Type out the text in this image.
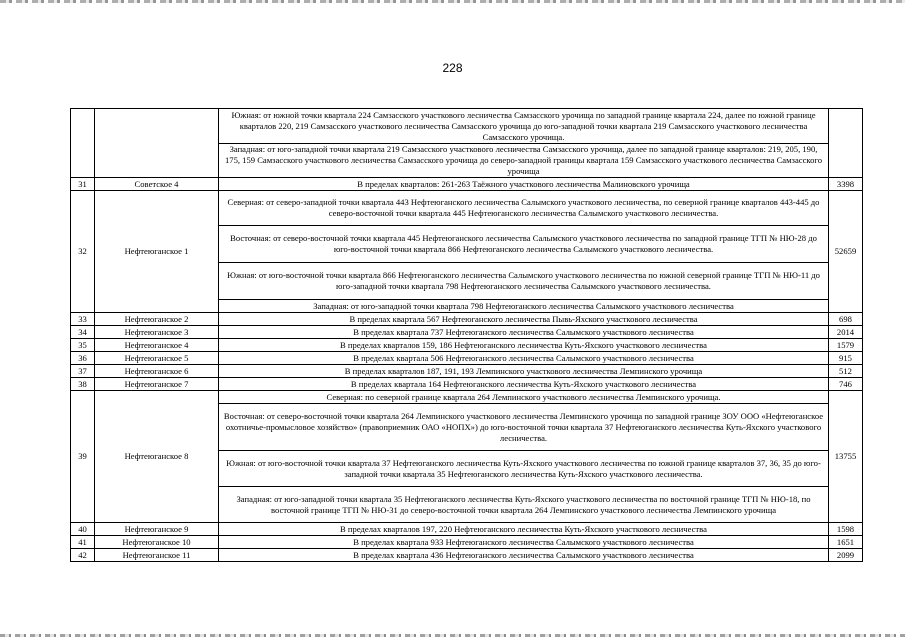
228
		Южная: от южной точки квартала 224 Самзасского участкового лесничества Самзасского урочища по западной границе квартала 224, далее по южной границе кварталов 220, 219 Самзасского участкового лесничества Самзасского урочища до юго-западной точки квартала 219 Самзасского участкового лесничества Самзасского урочища.	
		Западная: от юго-западной точки квартала 219 Самзасского участкового лесничества Самзасского урочища, далее по западной границе кварталов: 219, 205, 190, 175, 159 Самзасского участкового лесничества Самзасского урочища до северо-западной границы квартала 159 Самзасского участкового лесничества Самзасского урочища	
31	Советское 4	В пределах кварталов: 261-263 Таёжного участкового лесничества Малиновского урочища	3398
32	Нефтеюганское 1	Северная: от северо-западной точки квартала 443 Нефтеюганского лесничества Салымского участкового лесничества, по северной границе кварталов 443-445 до северо-восточной точки квартала 445 Нефтеюганского лесничества Салымского участкового лесничества.	52659
		Восточная: от северо-восточной точки квартала 445 Нефтеюганского лесничества Салымского участкового лесничества по западной границе ТГП № НЮ-28 до юго-восточной точки квартала 866 Нефтеюганского лесничества Салымского участкового лесничества.	
		Южная: от юго-восточной точки квартала 866 Нефтеюганского лесничества Салымского участкового лесничества по южной северной границе ТГП № НЮ-11 до юго-западной точки квартала 798 Нефтеюганского лесничества Салымского участкового лесничества.	
		Западная: от юго-западной точки квартала 798 Нефтеюганского лесничества Салымского участкового лесничества	
33	Нефтеюганское 2	В пределах квартала 567 Нефтеюганского лесничества Пывь-Яхского участкового лесничества	698
34	Нефтеюганское 3	В пределах квартала 737 Нефтеюганского лесничества Салымского участкового лесничества	2014
35	Нефтеюганское 4	В пределах кварталов 159, 186 Нефтеюганского лесничества Куть-Яхского участкового лесничества	1579
36	Нефтеюганское 5	В пределах квартала 506 Нефтеюганского лесничества Салымского участкового лесничества	915
37	Нефтеюганское 6	В пределах кварталов 187, 191, 193 Лемпинского участкового лесничества Лемпинского урочища	512
38	Нефтеюганское 7	В пределах квартала 164 Нефтеюганского лесничества Куть-Яхского участкового лесничества	746
39	Нефтеюганское 8	Северная: по северной границе квартала 264 Лемпинского участкового лесничества Лемпинского урочища.	13755
		Восточная: от северо-восточной точки квартала 264 Лемпинского участкового лесничества Лемпинского урочища по западной границе ЗОУ ООО «Нефтеюганское охотничье-промысловое хозяйство» (правоприемник ОАО «НОПХ») до юго-восточной точки квартала 37 Нефтеюганского лесничества Куть-Яхского участкового лесничества.	
		Южная: от юго-восточной точки квартала 37 Нефтеюганского лесничества Куть-Яхского участкового лесничества по южной границе кварталов 37, 36, 35 до юго-западной точки квартала 35 Нефтеюганского лесничества Куть-Яхского участкового лесничества.	
		Западная: от юго-западной точки квартала 35 Нефтеюганского лесничества Куть-Яхского участкового лесничества по восточной границе ТГП № НЮ-18, по восточной границе ТГП № НЮ-31 до северо-восточной точки квартала 264 Лемпинского участкового лесничества Лемпинского урочища	
40	Нефтеюганское 9	В пределах кварталов 197, 220 Нефтеюганского лесничества Куть-Яхского участкового лесничества	1598
41	Нефтеюганское 10	В пределах квартала 933 Нефтеюганского лесничества Салымского участкового лесничества	1651
42	Нефтеюганское 11	В пределах квартала 436 Нефтеюганского лесничества Салымского участкового лесничества	2099
